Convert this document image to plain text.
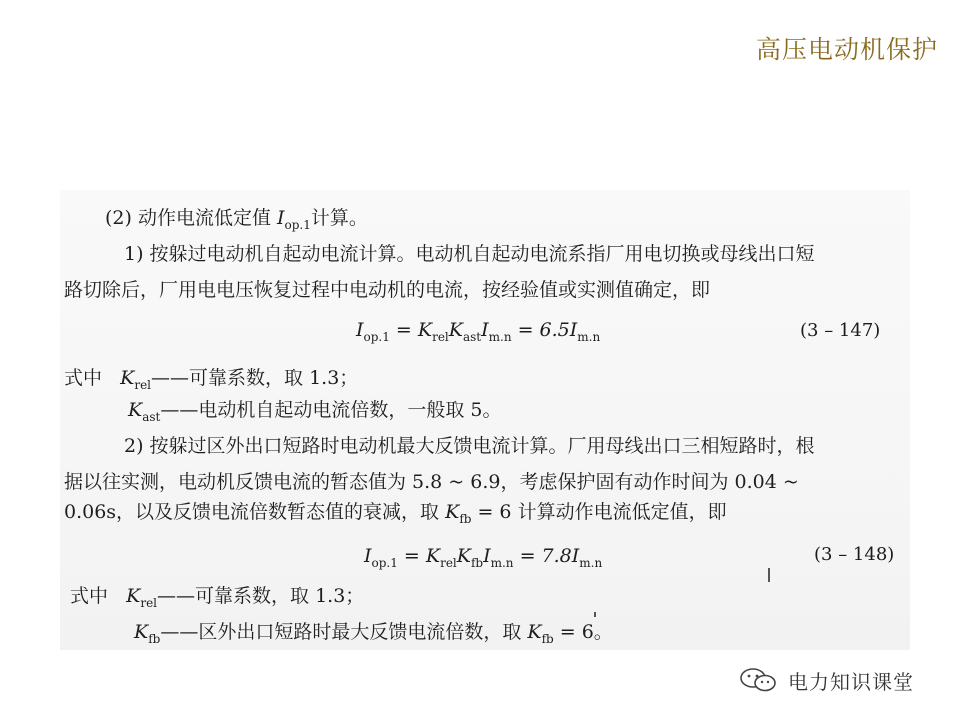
高压电动机保护
(2) 动作电流低定值 $I_{op.1}$计算。
1) 按躲过电动机自起动电流计算。电动机自起动电流系指厂用电切换或母线出口短
路切除后，厂用电电压恢复过程中电动机的电流，按经验值或实测值确定，即
$I_{op.1} = K_{rel}K_{ast}I_{m.n} = 6.5I_{m.n}$	(3 – 147)
式中 $K_{rel}——$可靠系数，取 1.3；
$K_{ast}——$电动机自起动电流倍数，一般取 5。
2) 按躲过区外出口短路时电动机最大反馈电流计算。厂用母线出口三相短路时，根
据以往实测，电动机反馈电流的暂态值为 5.8 ~ 6.9，考虑保护固有动作时间为 0.04 ~
0.06s，以及反馈电流倍数暂态值的衰减，取 $K_{fb} = 6$ 计算动作电流低定值，即
$I_{op.1} = K_{rel}K_{fb}I_{m.n} = 7.8I_{m.n}$	(3 – 148)
式中 $K_{rel}——$可靠系数，取 1.3；
$K_{fb}——$区外出口短路时最大反馈电流倍数，取 $K_{fb} = 6$。
电力知识课堂
